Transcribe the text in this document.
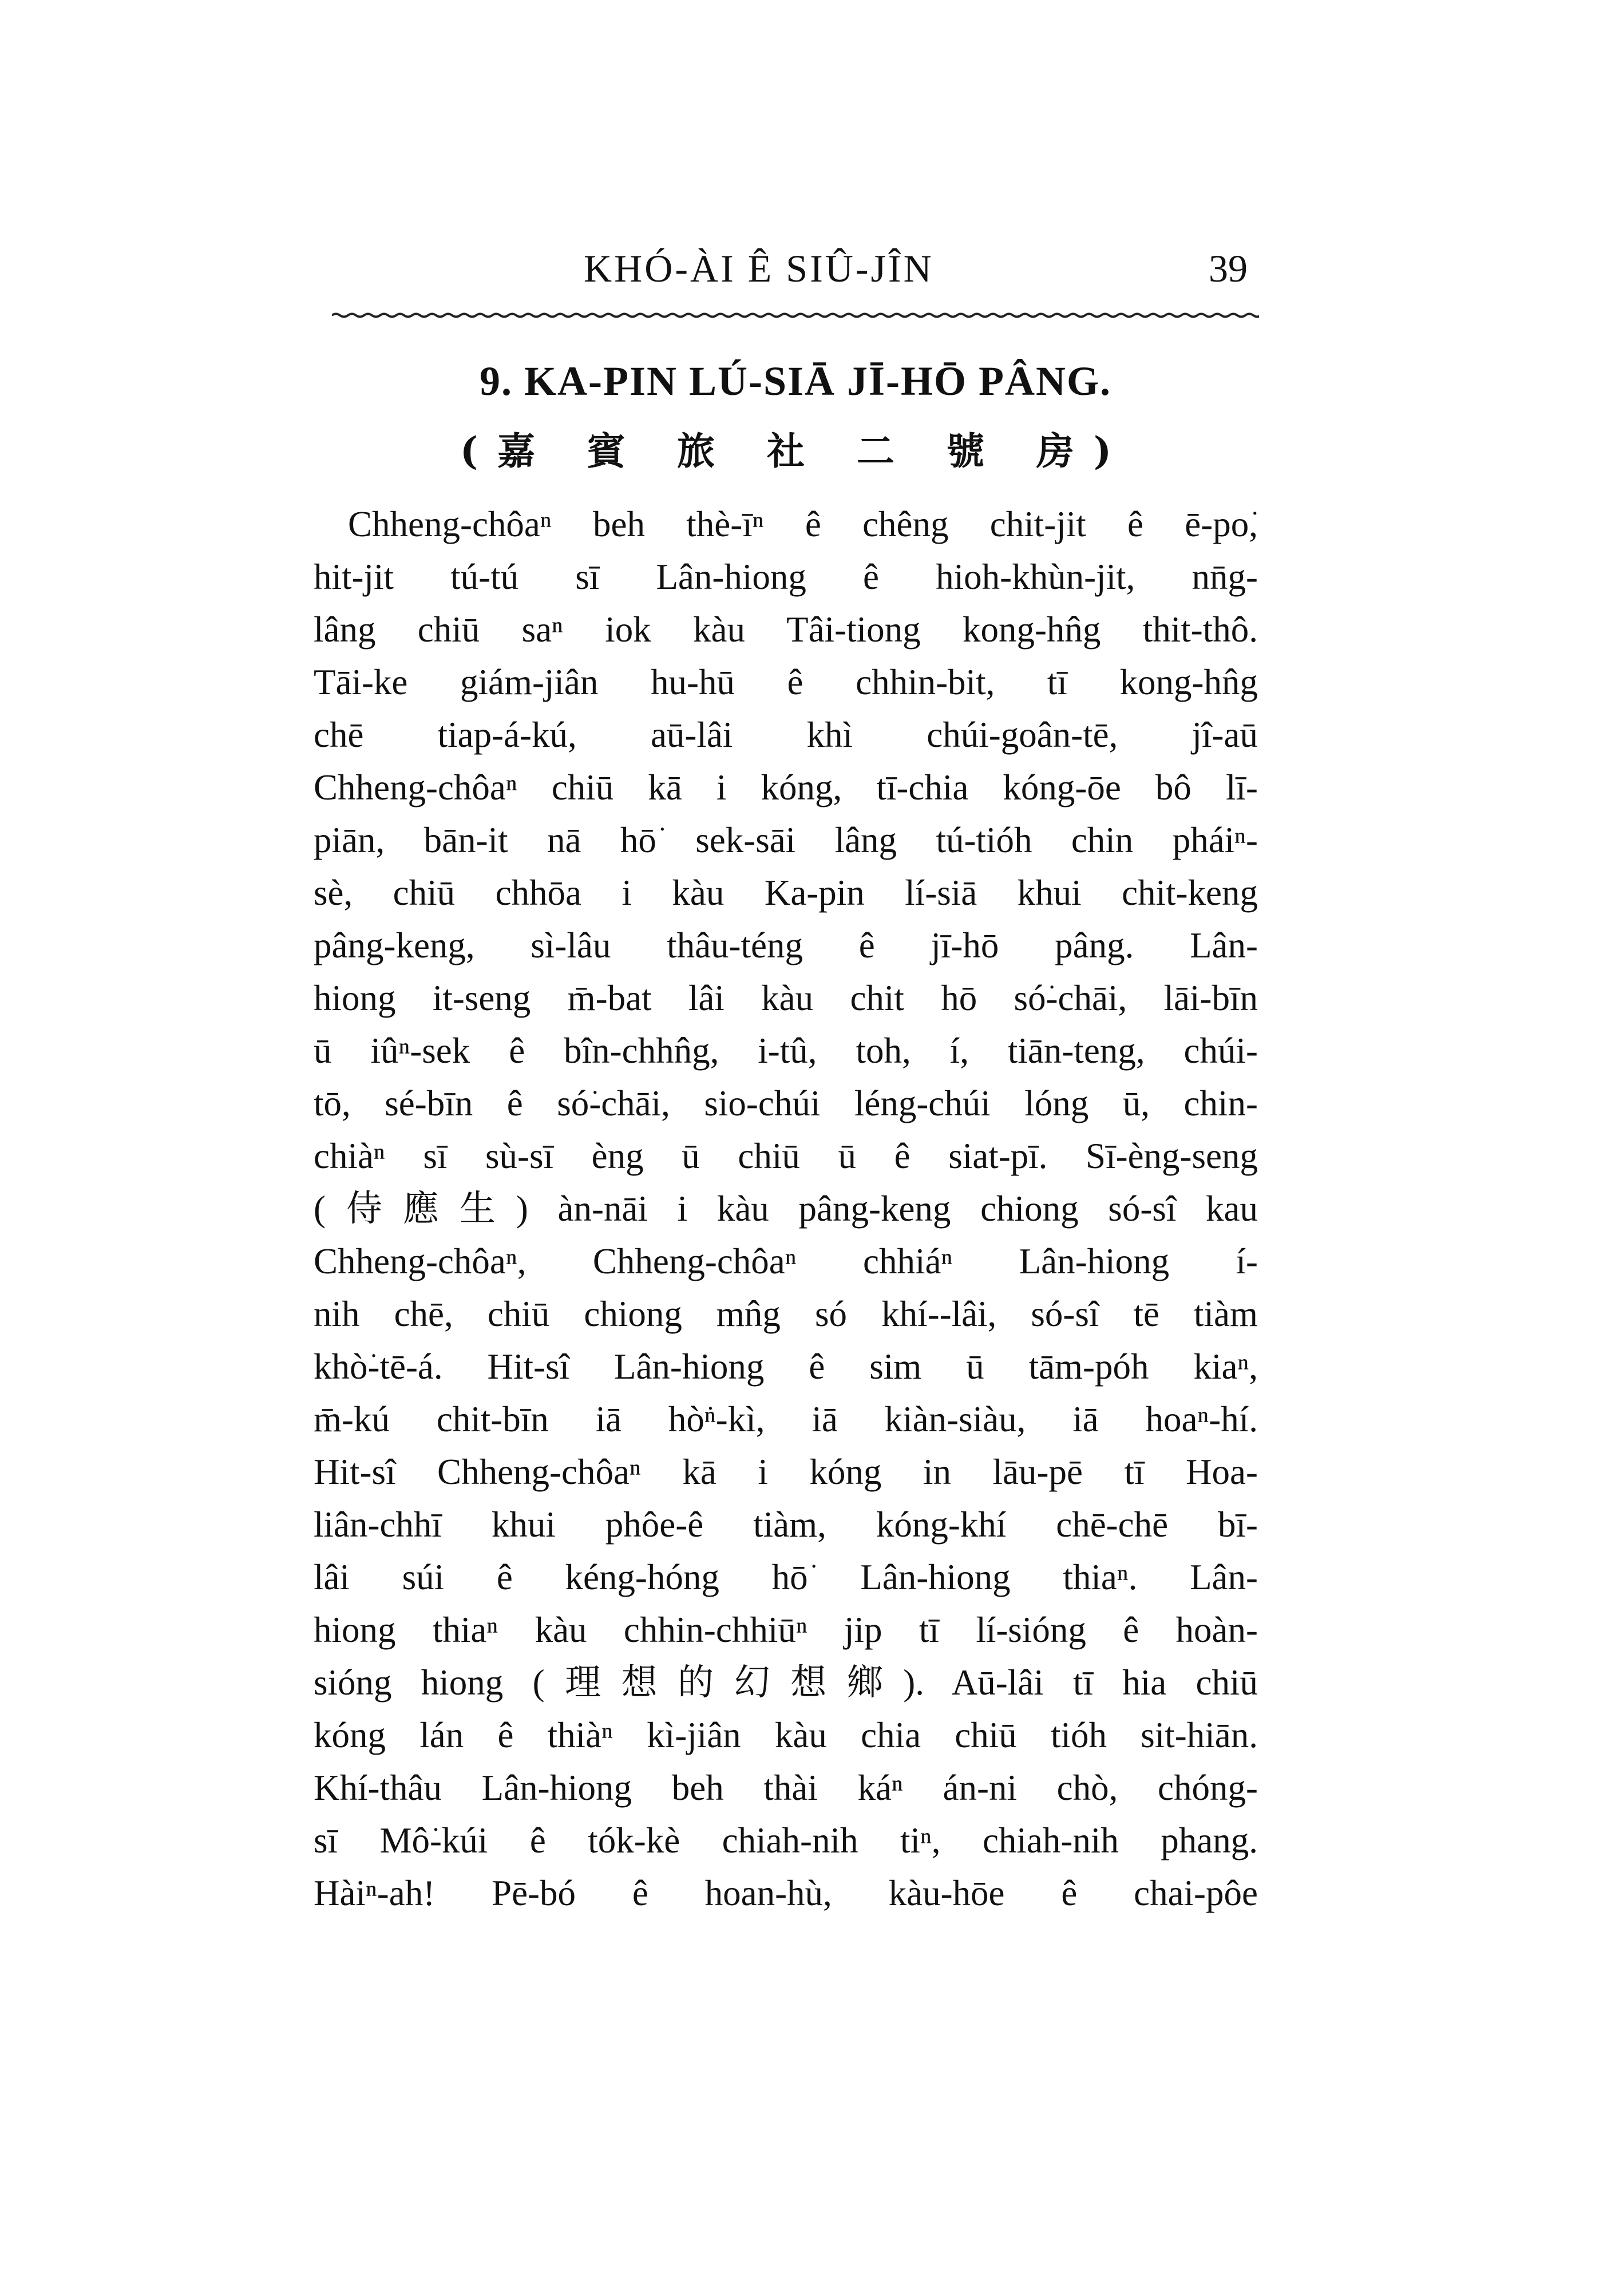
KHÓ-ÀI Ê SIÛ-JÎN	39
9. KA-PIN LÚ-SIĀ JĪ-HŌ PÂNG.
(嘉 賓 旅 社 二 號 房)
Chheng-chôaⁿ beh thè-īⁿ ê chêng chit-jit ê ē-po͘,
hit-jit tú-tú sī Lân-hiong ê hioh-khùn-jit, nn̄g-
lâng chiū saⁿ iok kàu Tâi-tiong kong-hn̂g thit-thô.
Tāi-ke giám-jiân hu-hū ê chhin-bit, tī kong-hn̂g
chē tiap-á-kú, aū-lâi khì chúi-goân-tē, jî-aū
Chheng-chôaⁿ chiū kā i kóng, tī-chia kóng-ōe bô lī-
piān, bān-it nā hō͘ sek-sāi lâng tú-tióh chin pháiⁿ-
sè, chiū chhōa i kàu Ka-pin lí-siā khui chit-keng
pâng-keng, sì-lâu thâu-téng ê jī-hō pâng. Lân-
hiong it-seng m̄-bat lâi kàu chit hō só͘-chāi, lāi-bīn
ū iûⁿ-sek ê bîn-chhn̂g, i-tû, toh, í, tiān-teng, chúi-
tō, sé-bīn ê só͘-chāi, sio-chúi léng-chúi lóng ū, chin-
chiàⁿ sī sù-sī èng ū chiū ū ê siat-pī. Sī-èng-seng
(侍應生) àn-nāi i kàu pâng-keng chiong só-sî kau
Chheng-chôaⁿ, Chheng-chôaⁿ chhiáⁿ Lân-hiong í-
nih chē, chiū chiong mn̂g só khí--lâi, só-sî tē tiàm
khò͘-tē-á. Hit-sî Lân-hiong ê sim ū tām-póh kiaⁿ,
m̄-kú chit-bīn iā hò͘ⁿ-kì, iā kiàn-siàu, iā hoaⁿ-hí.
Hit-sî Chheng-chôaⁿ kā i kóng in lāu-pē tī Hoa-
liân-chhī khui phôe-ê tiàm, kóng-khí chē-chē bī-
lâi súi ê kéng-hóng hō͘ Lân-hiong thiaⁿ. Lân-
hiong thiaⁿ kàu chhin-chhiūⁿ jip tī lí-sióng ê hoàn-
sióng hiong (理想的幻想鄉). Aū-lâi tī hia chiū
kóng lán ê thiàⁿ kì-jiân kàu chia chiū tióh sit-hiān.
Khí-thâu Lân-hiong beh thài káⁿ án-ni chò, chóng-
sī Mô͘-kúi ê tók-kè chiah-nih tiⁿ, chiah-nih phang.
Hàiⁿ-ah! Pē-bó ê hoan-hù, kàu-hōe ê chai-pôe
